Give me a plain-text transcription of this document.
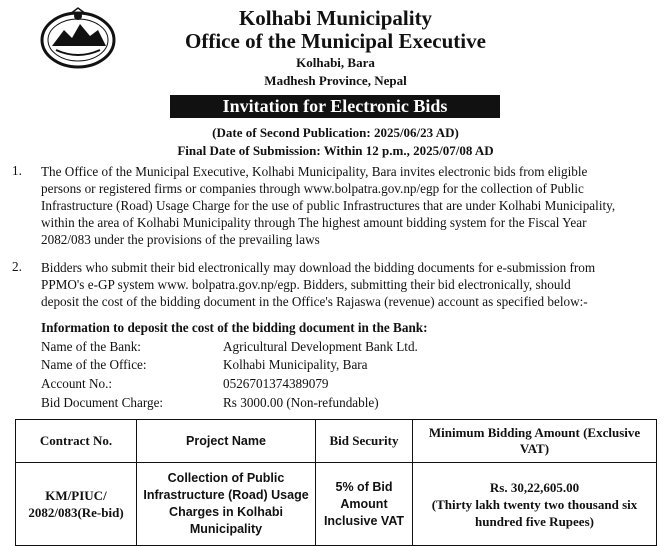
Kolhabi Municipality
Office of the Municipal Executive
Kolhabi, Bara
Madhesh Province, Nepal
Invitation for Electronic Bids
(Date of Second Publication: 2025/06/23 AD)
Final Date of Submission: Within 12 p.m., 2025/07/08 AD
1. The Office of the Municipal Executive, Kolhabi Municipality, Bara invites electronic bids from eligible
persons or registered firms or companies through www.bolpatra.gov.np/egp for the collection of Public
Infrastructure (Road) Usage Charge for the use of public Infrastructures that are under Kolhabi Municipality,
within the area of Kolhabi Municipality through The highest amount bidding system for the Fiscal Year
2082/083 under the provisions of the prevailing laws
2. Bidders who submit their bid electronically may download the bidding documents for e-submission from
PPMO's e-GP system www. bolpatra.gov.np/egp. Bidders, submitting their bid electronically, should
deposit the cost of the bidding document in the Office's Rajaswa (revenue) account as specified below:-
Information to deposit the cost of the bidding document in the Bank:
Name of the Bank:	Agricultural Development Bank Ltd.
Name of the Office:	Kolhabi Municipality, Bara
Account No.:	0526701374389079
Bid Document Charge:	Rs 3000.00 (Non-refundable)
Contract No.	Project Name	Bid Security	Minimum Bidding Amount (Exclusive VAT)
KM/PIUC/ 2082/083(Re-bid)	Collection of Public Infrastructure (Road) Usage Charges in Kolhabi Municipality	5% of Bid Amount Inclusive VAT	Rs. 30,22,605.00
(Thirty lakh twenty two thousand six hundred five Rupees)
